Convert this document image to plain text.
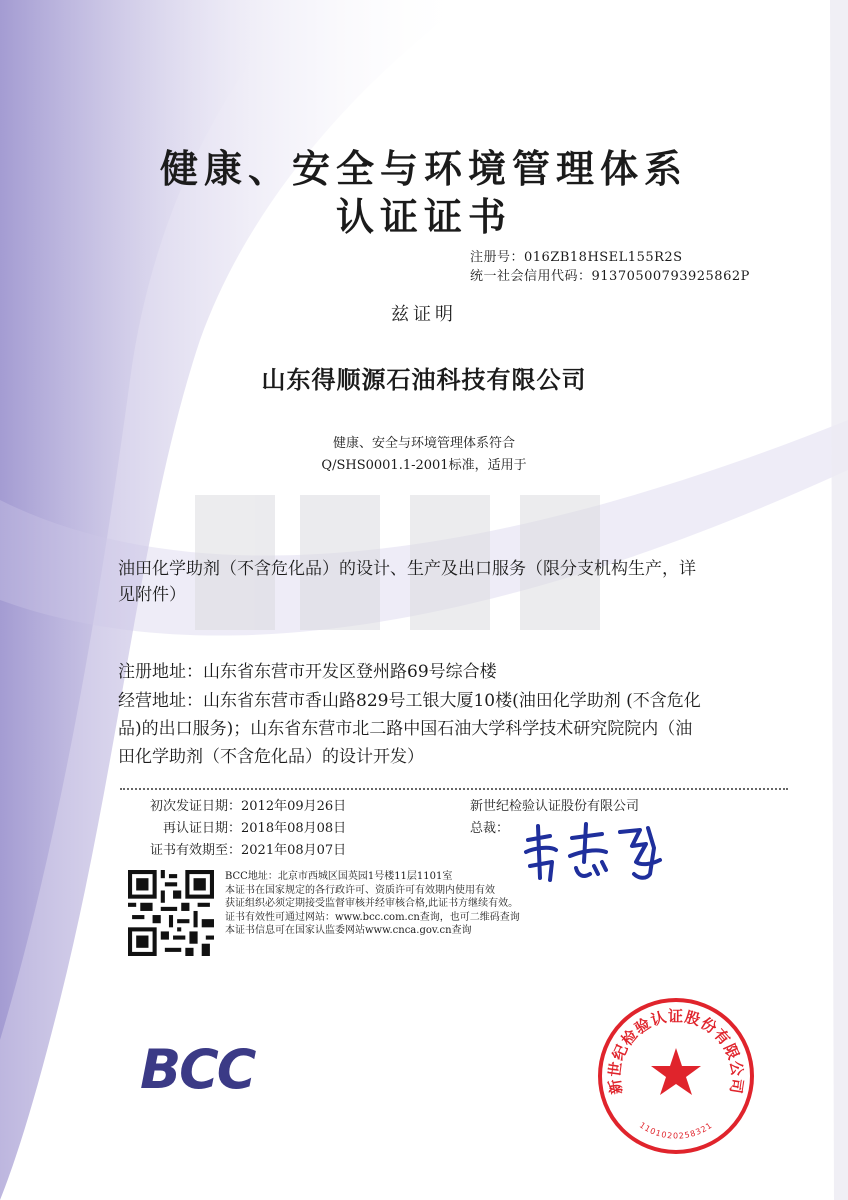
健康、安全与环境管理体系
认证证书
注册号：016ZB18HSEL155R2S
统一社会信用代码：91370500793925862P
兹证明
山东得顺源石油科技有限公司
健康、安全与环境管理体系符合
Q/SHS0001.1-2001标准，适用于
油田化学助剂（不含危化品）的设计、生产及出口服务（限分支机构生产，详
见附件）
注册地址：山东省东营市开发区登州路69号综合楼
经营地址：山东省东营市香山路829号工银大厦10楼(油田化学助剂 (不含危化
品)的出口服务)；山东省东营市北二路中国石油大学科学技术研究院院内（油
田化学助剂（不含危化品）的设计开发）
初次发证日期： 2012年09月26日
再认证日期： 2018年08月08日
证书有效期至： 2021年08月07日
新世纪检验认证股份有限公司
总裁：
BCC地址：北京市西城区国英园1号楼11层1101室
本证书在国家规定的各行政许可、资质许可有效期内使用有效
获证组织必须定期接受监督审核并经审核合格,此证书方继续有效。
证书有效性可通过网站：www.bcc.com.cn查询，也可二维码查询
本证书信息可在国家认监委网站www.cnca.gov.cn查询
BCC	新世纪检验认证股份有限公司
1101020258321
